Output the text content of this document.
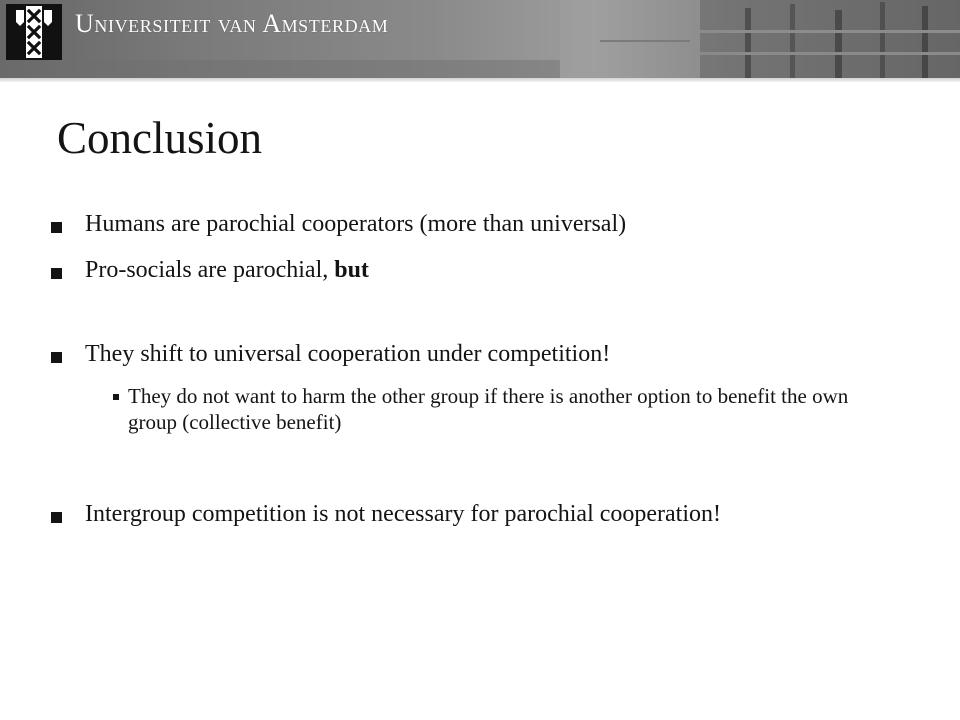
Universiteit van Amsterdam
Conclusion
Humans are parochial cooperators (more than universal)
Pro-socials are parochial, but
They shift to universal cooperation under competition!
They do not want to harm the other group if there is another option to benefit the own group (collective benefit)
Intergroup competition is not necessary for parochial cooperation!
